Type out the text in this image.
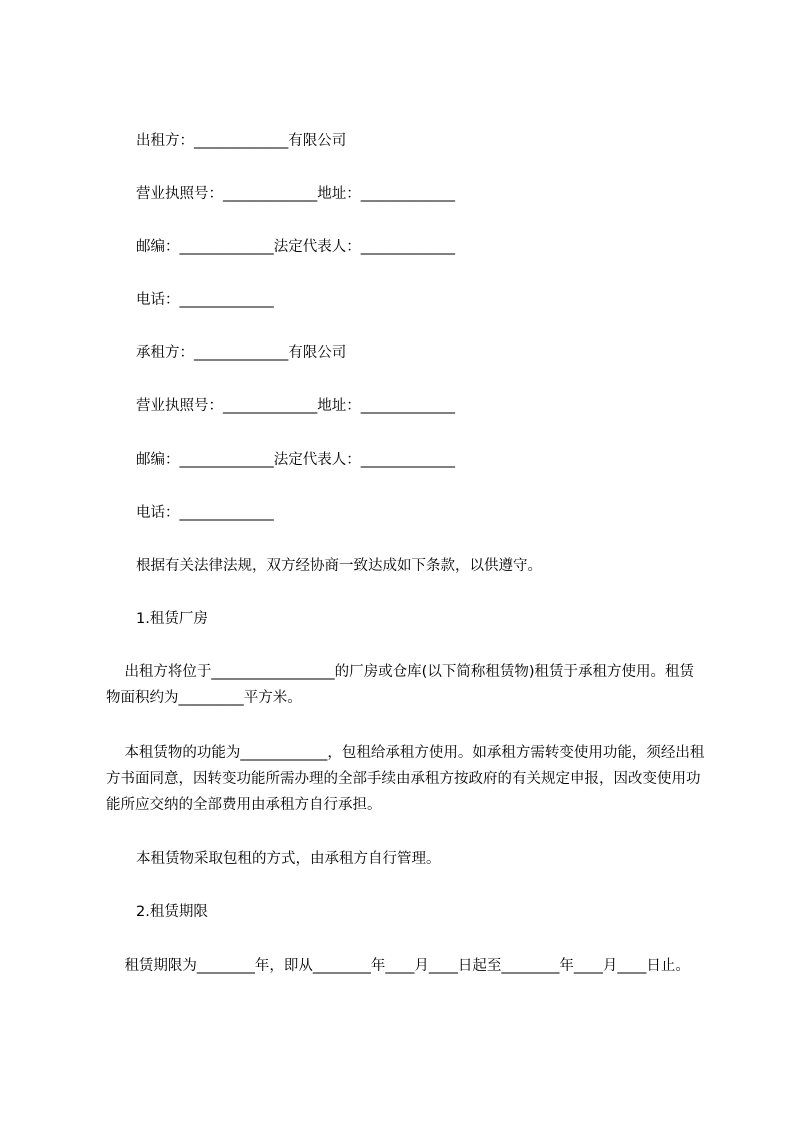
出租方：_____________有限公司

营业执照号：_____________地址：_____________

邮编：_____________法定代表人：_____________

电话：_____________

承租方：_____________有限公司

营业执照号：_____________地址：_____________

邮编：_____________法定代表人：_____________

电话：_____________

根据有关法律法规，双方经协商一致达成如下条款，以供遵守。

1.租赁厂房

出租方将位于_________________的厂房或仓库(以下简称租赁物)租赁于承租方使用。租赁物面积约为_________平方米。

本租赁物的功能为____________，包租给承租方使用。如承租方需转变使用功能，须经出租方书面同意，因转变功能所需办理的全部手续由承租方按政府的有关规定申报，因改变使用功能所应交纳的全部费用由承租方自行承担。

本租赁物采取包租的方式，由承租方自行管理。

2.租赁期限

租赁期限为________年，即从________年____月____日起至________年____月____日止。
